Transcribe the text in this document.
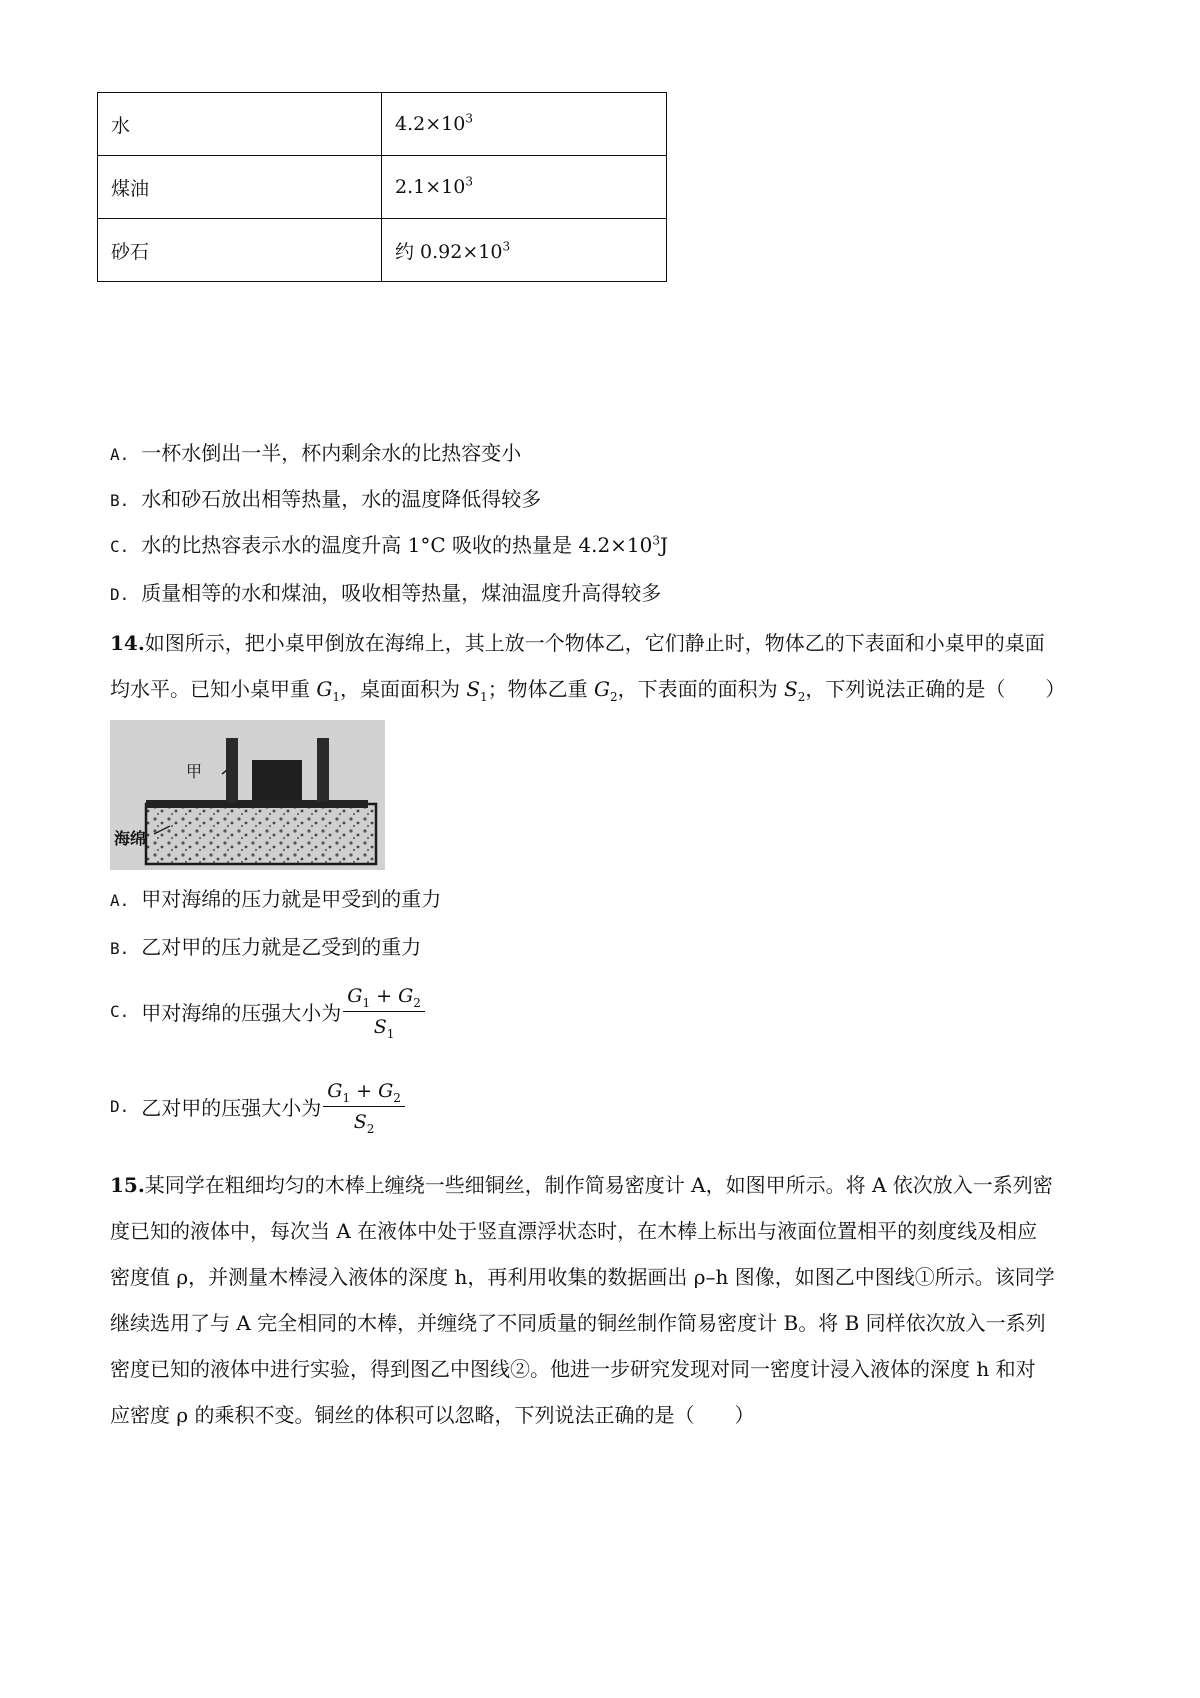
水	$4.2\times 10^3$
煤油	$2.1\times 10^3$
砂石	约 $0.92\times 10^3$
A. 一杯水倒出一半，杯内剩余水的比热容变小
B. 水和砂石放出相等热量，水的温度降低得较多
C. 水的比热容表示水的温度升高 1°C 吸收的热量是 $4.2\times 10^3J$
D. 质量相等的水和煤油，吸收相等热量，煤油温度升高得较多
14.如图所示，把小桌甲倒放在海绵上，其上放一个物体乙，它们静止时，物体乙的下表面和小桌甲的桌面
均水平。已知小桌甲重 $G_1$，桌面面积为 $S_1$；物体乙重 $G_2$，下表面的面积为 $S_2$，下列说法正确的是（　　）
甲
海绵
A. 甲对海绵的压力就是甲受到的重力
B. 乙对甲的压力就是乙受到的重力
C. 甲对海绵的压强大小为 $\frac{G_1 + G_2}{S_1}$
D. 乙对甲的压强大小为 $\frac{G_1 + G_2}{S_2}$
15.某同学在粗细均匀的木棒上缠绕一些细铜丝，制作简易密度计 A，如图甲所示。将 A 依次放入一系列密
度已知的液体中，每次当 A 在液体中处于竖直漂浮状态时，在木棒上标出与液面位置相平的刻度线及相应
密度值 ρ，并测量木棒浸入液体的深度 h，再利用收集的数据画出 ρ–h 图像，如图乙中图线①所示。该同学
继续选用了与 A 完全相同的木棒，并缠绕了不同质量的铜丝制作简易密度计 B。将 B 同样依次放入一系列
密度已知的液体中进行实验，得到图乙中图线②。他进一步研究发现对同一密度计浸入液体的深度 h 和对
应密度 ρ 的乘积不变。铜丝的体积可以忽略，下列说法正确的是（　　）
